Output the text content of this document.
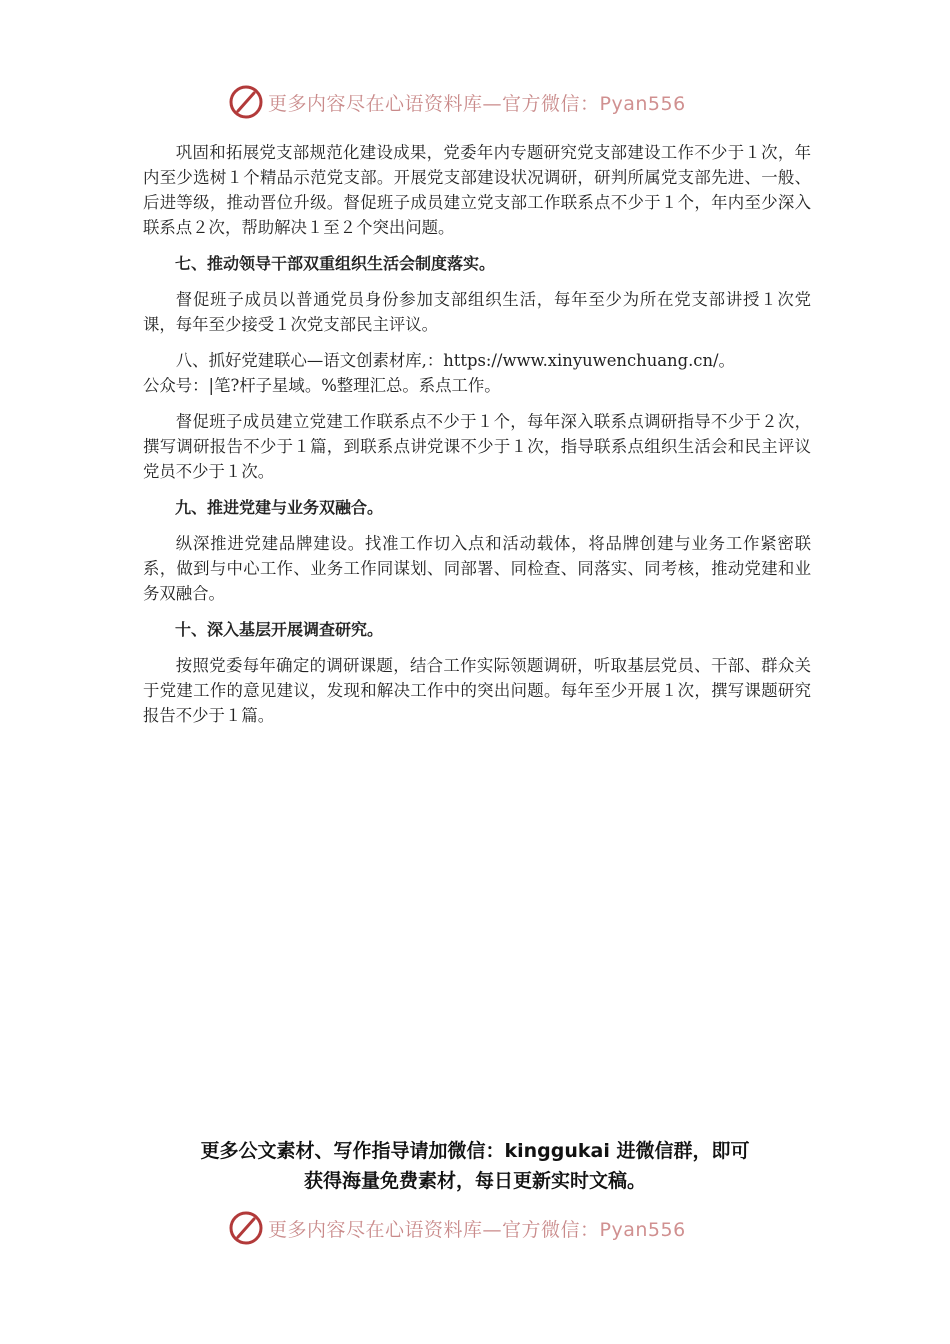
更多内容尽在心语资料库—官方微信：Pyan556

巩固和拓展党支部规范化建设成果，党委年内专题研究党支部建设工作不少于１次，年内至少选树１个精品示范党支部。开展党支部建设状况调研，研判所属党支部先进、一般、后进等级，推动晋位升级。督促班子成员建立党支部工作联系点不少于１个，年内至少深入联系点２次，帮助解决１至２个突出问题。

七、推动领导干部双重组织生活会制度落实。

督促班子成员以普通党员身份参加支部组织生活，每年至少为所在党支部讲授１次党课，每年至少接受１次党支部民主评议。

八、抓好党建联心—语文创素材库,：https://www.xinyuwenchuang.cn/。

公众号：|笔?杆子星域。%整理汇总。系点工作。

督促班子成员建立党建工作联系点不少于１个，每年深入联系点调研指导不少于２次，撰写调研报告不少于１篇，到联系点讲党课不少于１次，指导联系点组织生活会和民主评议党员不少于１次。

九、推进党建与业务双融合。

纵深推进党建品牌建设。找准工作切入点和活动载体，将品牌创建与业务工作紧密联系，做到与中心工作、业务工作同谋划、同部署、同检查、同落实、同考核，推动党建和业务双融合。

十、深入基层开展调查研究。

按照党委每年确定的调研课题，结合工作实际领题调研，听取基层党员、干部、群众关于党建工作的意见建议，发现和解决工作中的突出问题。每年至少开展１次，撰写课题研究报告不少于１篇。

更多公文素材、写作指导请加微信：kinggukai 进微信群，即可
获得海量免费素材，每日更新实时文稿。
更多内容尽在心语资料库—官方微信：Pyan556
